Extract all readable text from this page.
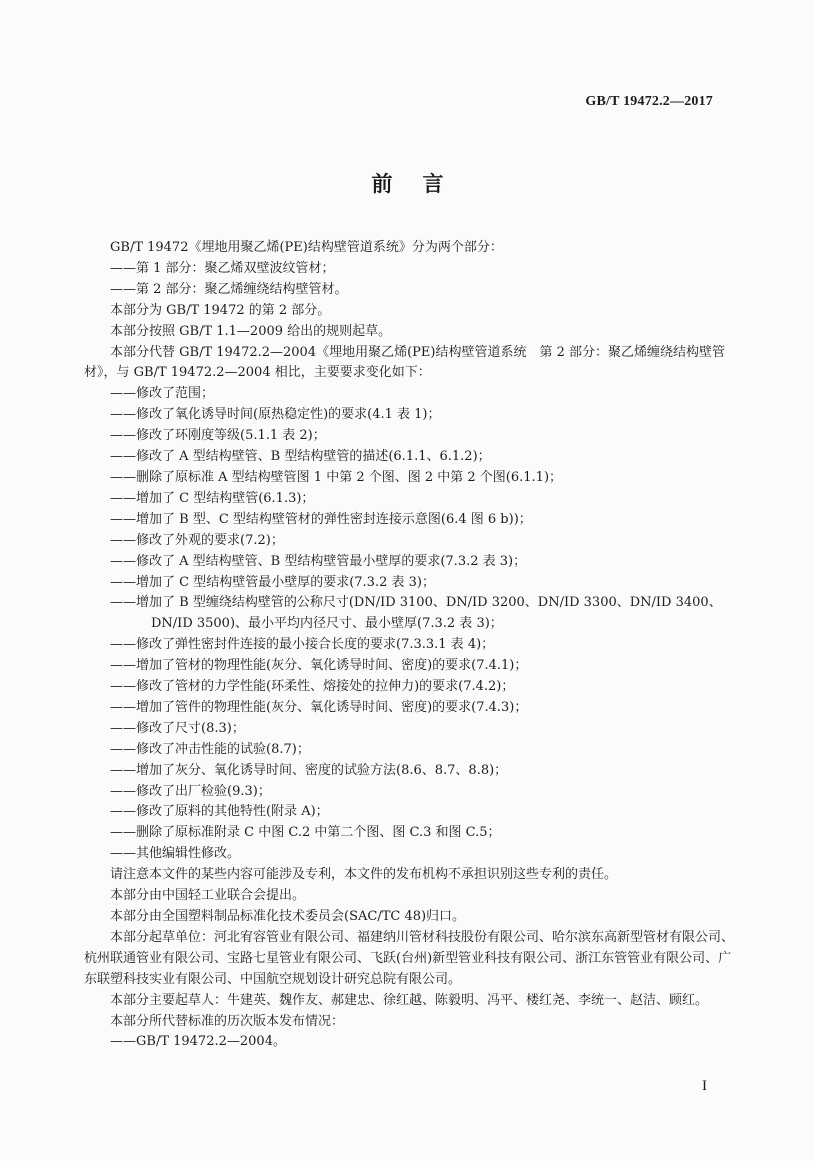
GB/T 19472.2—2017
前言

GB/T 19472《埋地用聚乙烯(PE)结构壁管道系统》分为两个部分：

——第 1 部分：聚乙烯双壁波纹管材；

——第 2 部分：聚乙烯缠绕结构壁管材。

本部分为 GB/T 19472 的第 2 部分。

本部分按照 GB/T 1.1—2009 给出的规则起草。

本部分代替 GB/T 19472.2—2004《埋地用聚乙烯(PE)结构壁管道系统　第 2 部分：聚乙烯缠绕结构壁管材》，与 GB/T 19472.2—2004 相比，主要要求变化如下：

——修改了范围；

——修改了氧化诱导时间(原热稳定性)的要求(4.1 表 1)；

——修改了环刚度等级(5.1.1 表 2)；

——修改了 A 型结构壁管、B 型结构壁管的描述(6.1.1、6.1.2)；

——删除了原标准 A 型结构壁管图 1 中第 2 个图、图 2 中第 2 个图(6.1.1)；

——增加了 C 型结构壁管(6.1.3)；

——增加了 B 型、C 型结构壁管材的弹性密封连接示意图(6.4 图 6 b))；

——修改了外观的要求(7.2)；

——修改了 A 型结构壁管、B 型结构壁管最小壁厚的要求(7.3.2 表 3)；

——增加了 C 型结构壁管最小壁厚的要求(7.3.2 表 3)；

——增加了 B 型缠绕结构壁管的公称尺寸(DN/ID 3100、DN/ID 3200、DN/ID 3300、DN/ID 3400、DN/ID 3500)、最小平均内径尺寸、最小壁厚(7.3.2 表 3)；

——修改了弹性密封件连接的最小接合长度的要求(7.3.3.1 表 4)；

——增加了管材的物理性能(灰分、氧化诱导时间、密度)的要求(7.4.1)；

——修改了管材的力学性能(环柔性、熔接处的拉伸力)的要求(7.4.2)；

——增加了管件的物理性能(灰分、氧化诱导时间、密度)的要求(7.4.3)；

——修改了尺寸(8.3)；

——修改了冲击性能的试验(8.7)；

——增加了灰分、氧化诱导时间、密度的试验方法(8.6、8.7、8.8)；

——修改了出厂检验(9.3)；

——修改了原料的其他特性(附录 A)；

——删除了原标准附录 C 中图 C.2 中第二个图、图 C.3 和图 C.5；

——其他编辑性修改。

请注意本文件的某些内容可能涉及专利，本文件的发布机构不承担识别这些专利的责任。

本部分由中国轻工业联合会提出。

本部分由全国塑料制品标准化技术委员会(SAC/TC 48)归口。

本部分起草单位：河北宥容管业有限公司、福建纳川管材科技股份有限公司、哈尔滨东高新型管材有限公司、杭州联通管业有限公司、宝路七星管业有限公司、飞跃(台州)新型管业科技有限公司、浙江东管管业有限公司、广东联塑科技实业有限公司、中国航空规划设计研究总院有限公司。

本部分主要起草人：牛建英、魏作友、郝建忠、徐红越、陈毅明、冯平、楼红尧、李统一、赵洁、顾红。

本部分所代替标准的历次版本发布情况：

——GB/T 19472.2—2004。

I
